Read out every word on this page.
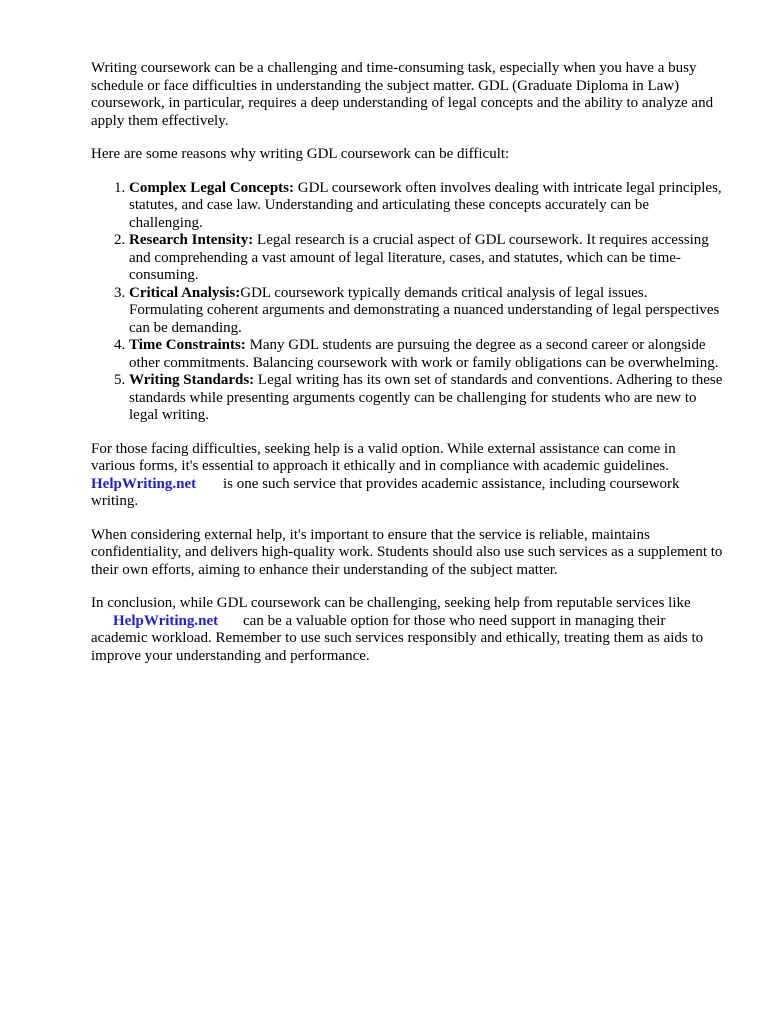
Writing coursework can be a challenging and time-consuming task, especially when you have a busy schedule or face difficulties in understanding the subject matter. GDL (Graduate Diploma in Law) coursework, in particular, requires a deep understanding of legal concepts and the ability to analyze and apply them effectively.

Here are some reasons why writing GDL coursework can be difficult:

1. Complex Legal Concepts: GDL coursework often involves dealing with intricate legal principles, statutes, and case law. Understanding and articulating these concepts accurately can be challenging.
2. Research Intensity: Legal research is a crucial aspect of GDL coursework. It requires accessing and comprehending a vast amount of legal literature, cases, and statutes, which can be time-consuming.
3. Critical Analysis:GDL coursework typically demands critical analysis of legal issues. Formulating coherent arguments and demonstrating a nuanced understanding of legal perspectives can be demanding.
4. Time Constraints: Many GDL students are pursuing the degree as a second career or alongside other commitments. Balancing coursework with work or family obligations can be overwhelming.
5. Writing Standards: Legal writing has its own set of standards and conventions. Adhering to these standards while presenting arguments cogently can be challenging for students who are new to legal writing.

For those facing difficulties, seeking help is a valid option. While external assistance can come in various forms, it's essential to approach it ethically and in compliance with academic guidelines. HelpWriting.net is one such service that provides academic assistance, including coursework writing.

When considering external help, it's important to ensure that the service is reliable, maintains confidentiality, and delivers high-quality work. Students should also use such services as a supplement to their own efforts, aiming to enhance their understanding of the subject matter.

In conclusion, while GDL coursework can be challenging, seeking help from reputable services like HelpWriting.net can be a valuable option for those who need support in managing their academic workload. Remember to use such services responsibly and ethically, treating them as aids to improve your understanding and performance.
